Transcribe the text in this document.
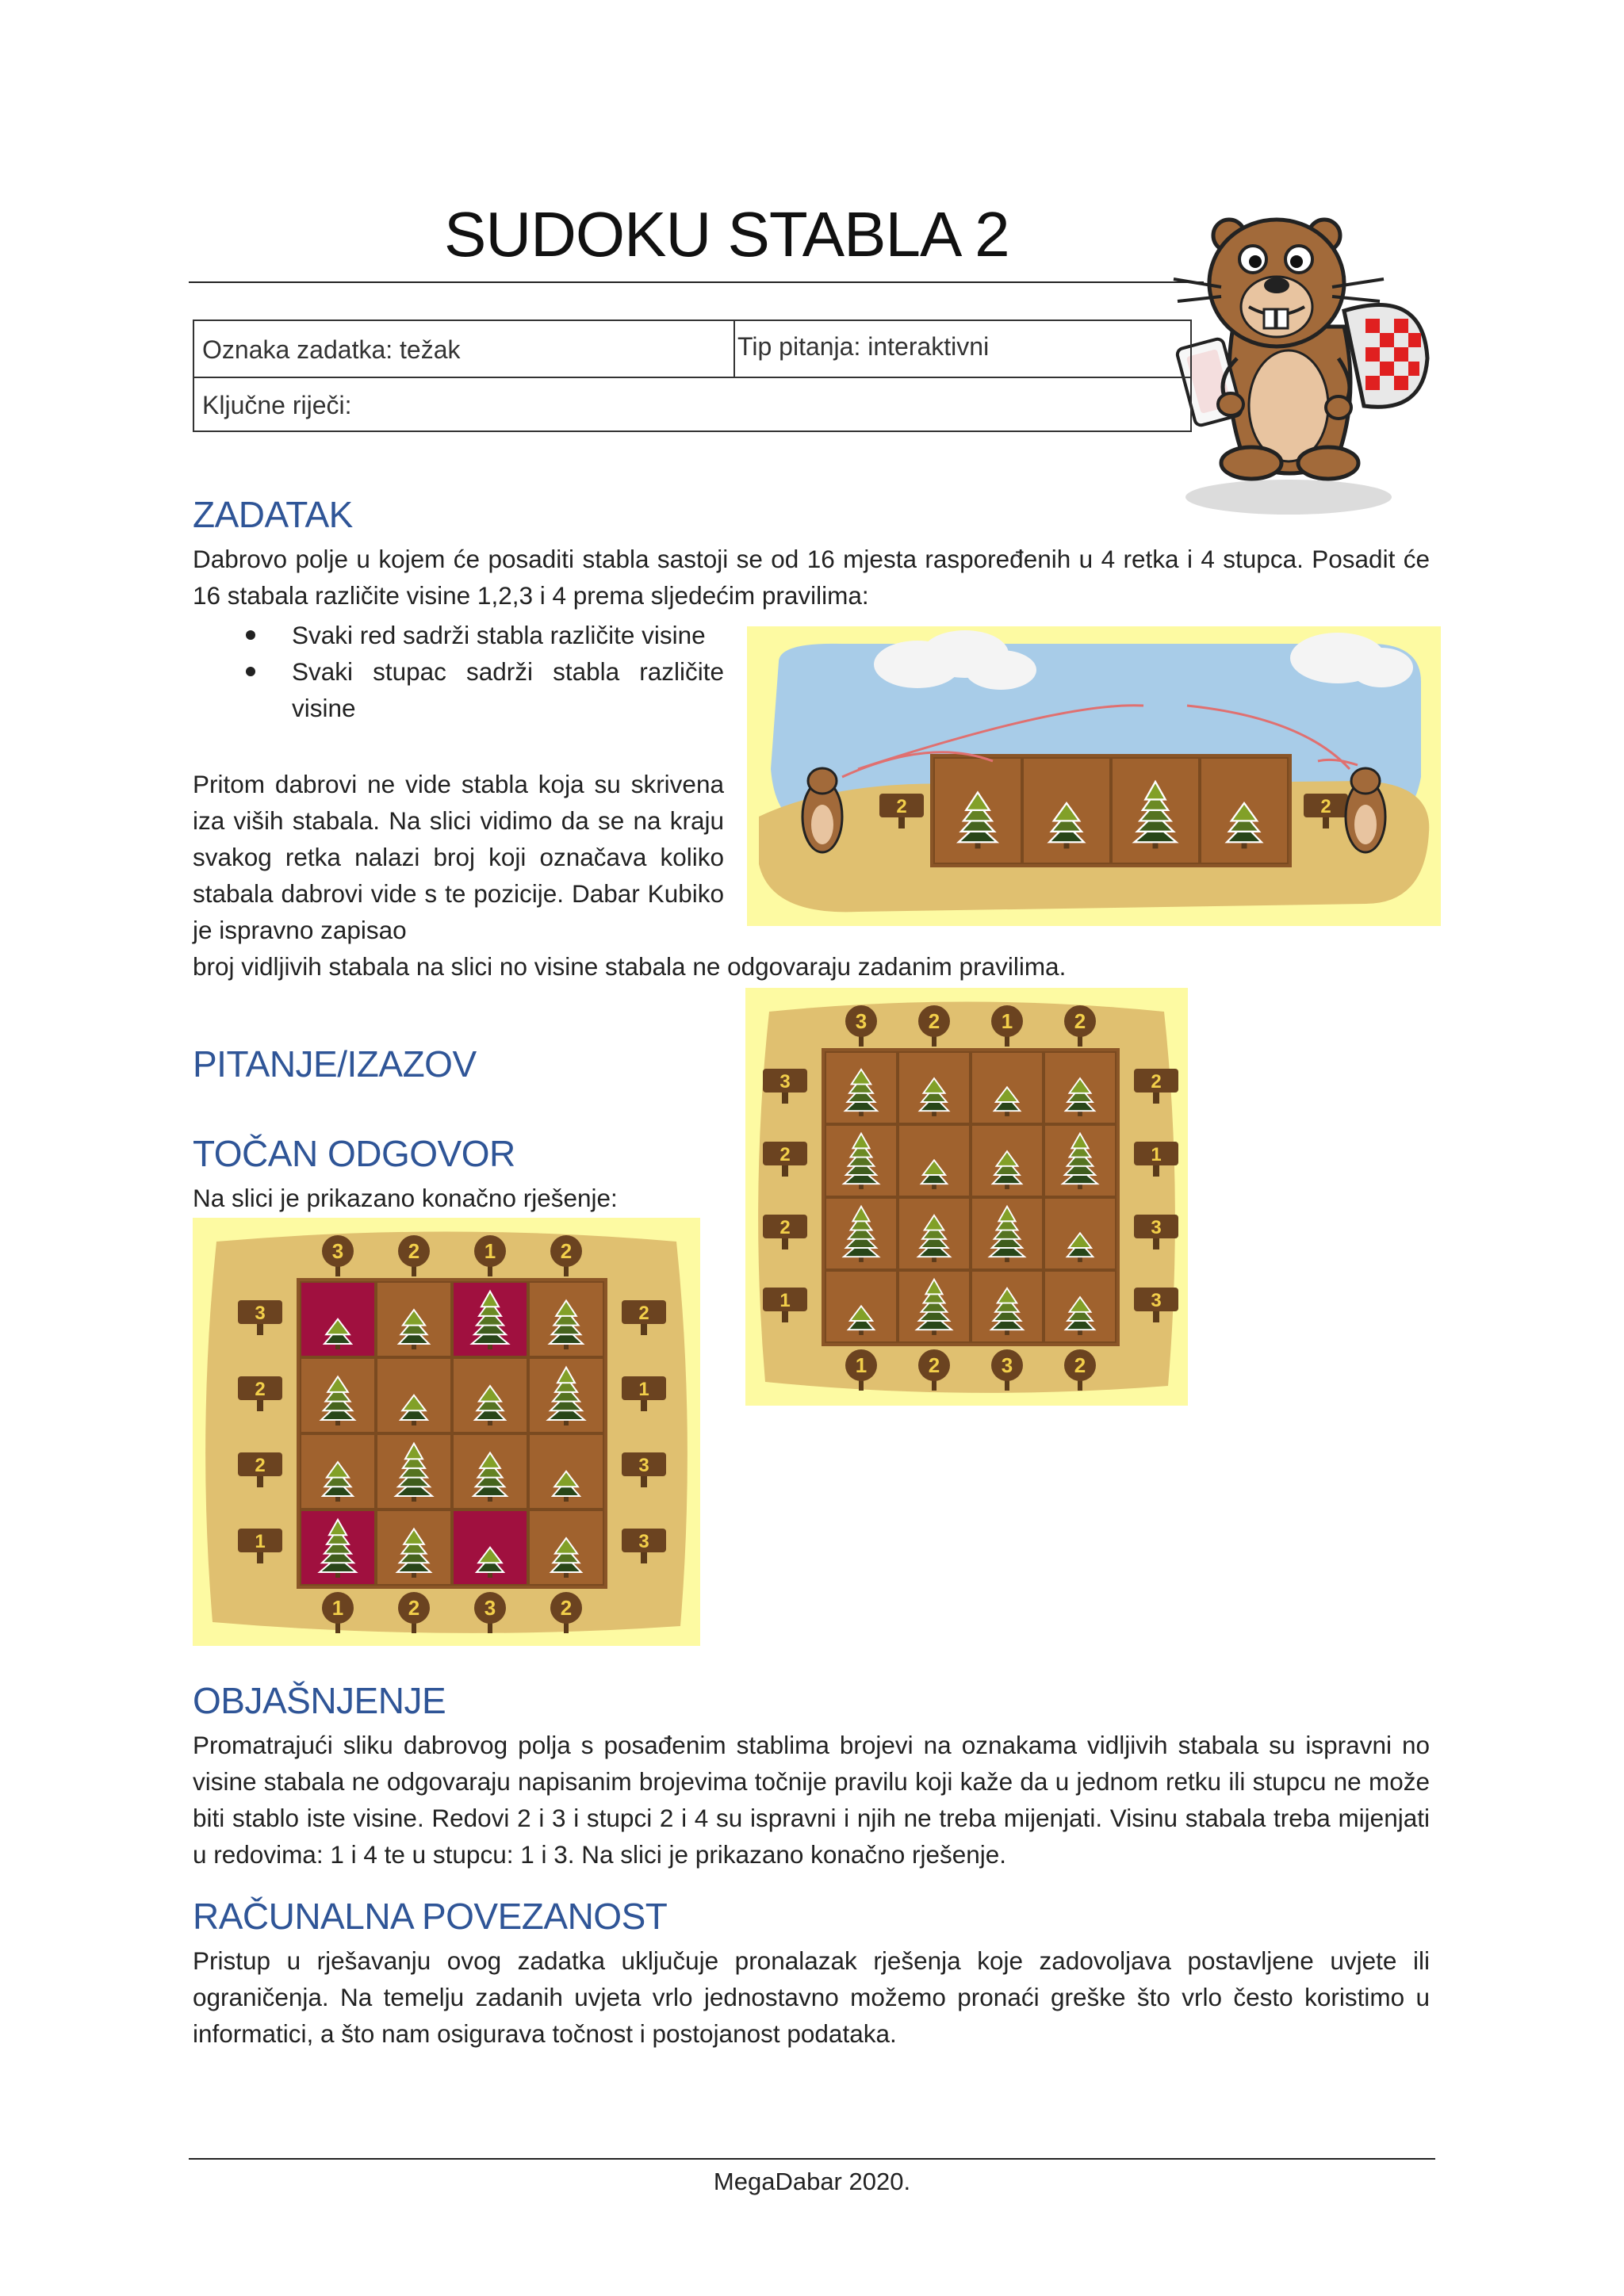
SUDOKU STABLA 2
Oznaka zadatka: težak	Tip pitanja: interaktivni
Ključne riječi:
ZADATAK
Dabrovo polje u kojem će posaditi stabla sastoji se od 16 mjesta raspoređenih u 4 retka i 4 stupca. Posadit će 16 stabala različite visine 1,2,3 i 4 prema sljedećim pravilima:
Svaki red sadrži stabla različite visine
Svaki stupac sadrži stabla različite visine
Pritom dabrovi ne vide stabla koja su skrivena iza viših stabala. Na slici vidimo da se na kraju svakog retka nalazi broj koji označava koliko stabala dabrovi vide s te pozicije. Dabar Kubiko je ispravno zapisao
broj vidljivih stabala na slici no visine stabala ne odgovaraju zadanim pravilima.
2	2
3
1
3	2
2
2
2	1
1
3
2	3
2
2
1	3
PITANJE/IZAZOV
TOČAN ODGOVOR
Na slici je prikazano konačno rješenje:
3
1
3	2
2
2
2	1
1
3
2	3
2
2
1	3
OBJAŠNJENJE
Promatrajući sliku dabrovog polja s posađenim stablima brojevi na oznakama vidljivih stabala su ispravni no visine stabala ne odgovaraju napisanim brojevima točnije pravilu koji kaže da u jednom retku ili stupcu ne može biti stablo iste visine. Redovi 2 i 3 i stupci 2 i 4 su ispravni i njih ne treba mijenjati. Visinu stabala treba mijenjati u redovima: 1 i 4 te u stupcu: 1 i 3. Na slici je prikazano konačno rješenje.
RAČUNALNA POVEZANOST
Pristup u rješavanju ovog zadatka uključuje pronalazak rješenja koje zadovoljava postavljene uvjete ili ograničenja. Na temelju zadanih uvjeta vrlo jednostavno možemo pronaći greške što vrlo često koristimo u informatici, a što nam osigurava točnost i postojanost podataka.
MegaDabar 2020.
